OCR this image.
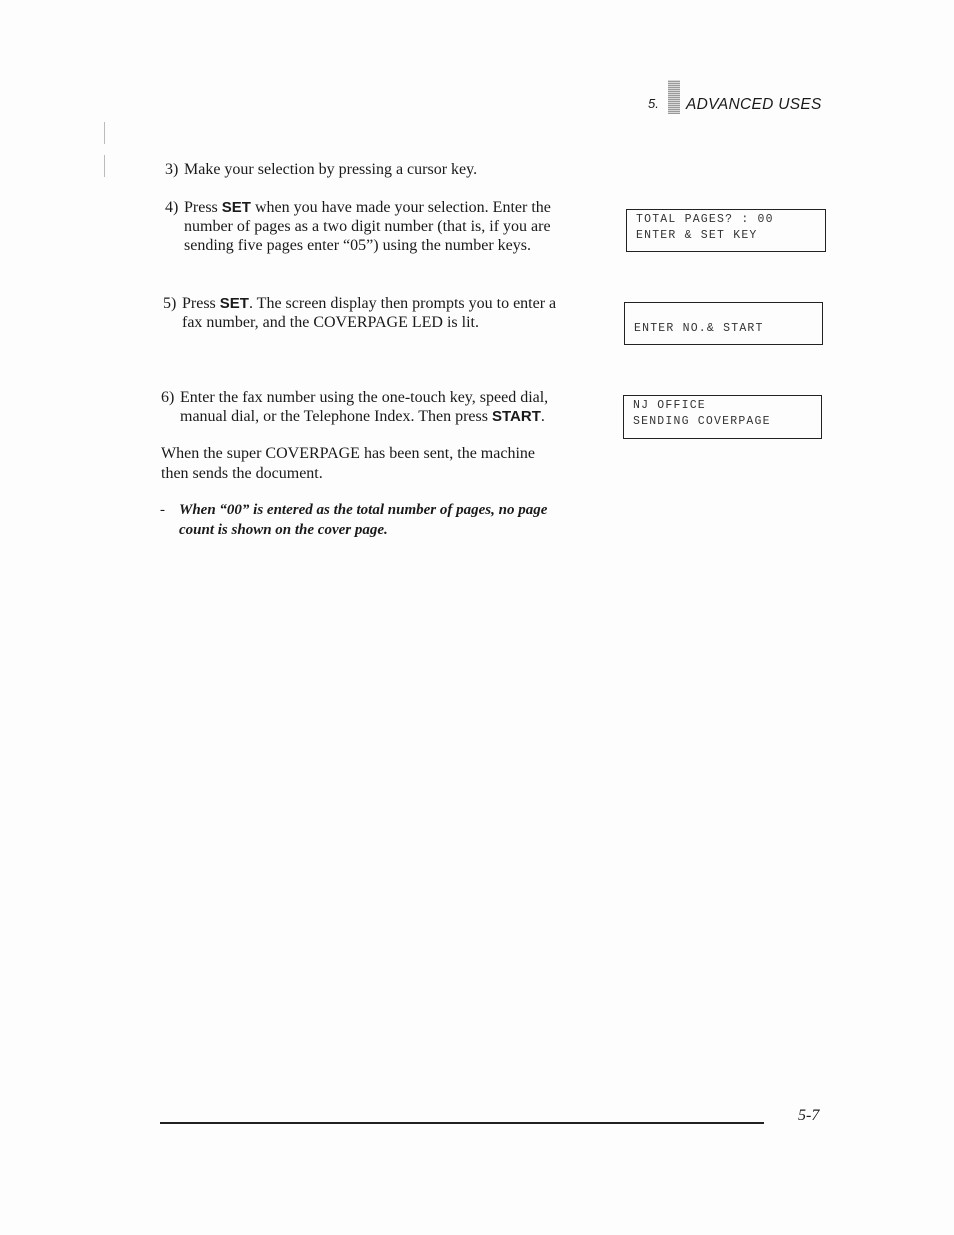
5. ADVANCED USES
3) Make your selection by pressing a cursor key.
4) Press SET when you have made your selection. Enter the
number of pages as a two digit number (that is, if you are
sending five pages enter “05”) using the number keys.
5) Press SET. The screen display then prompts you to enter a
fax number, and the COVERPAGE LED is lit.
6) Enter the fax number using the one-touch key, speed dial,
manual dial, or the Telephone Index. Then press START.
TOTAL PAGES? : 00
ENTER & SET KEY
ENTER NO.& START
NJ OFFICE
SENDING COVERPAGE
When the super COVERPAGE has been sent, the machine
then sends the document.
- When “00” is entered as the total number of pages, no page
count is shown on the cover page.
5-7
